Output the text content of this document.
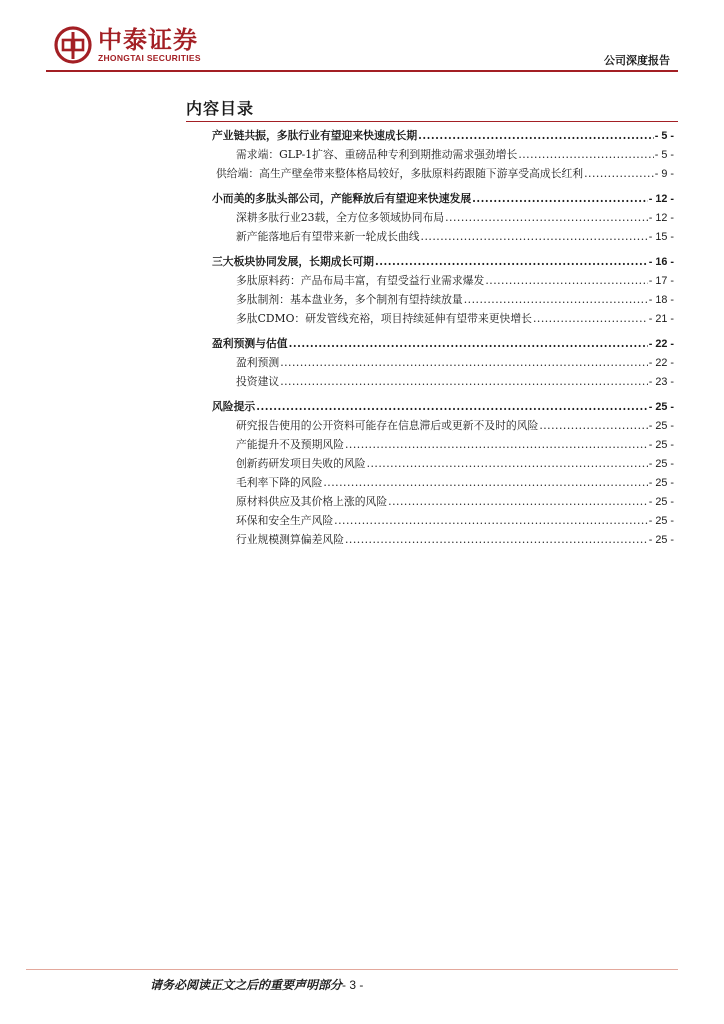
中泰证券
ZHONGTAI SECURITIES	公司深度报告
内容目录
产业链共振，多肽行业有望迎来快速成长期 .....	- 5 -
需求端：GLP-1扩容、重磅品种专利到期推动需求强劲增长 .....	- 5 -
供给端：高生产壁垒带来整体格局较好，多肽原料药跟随下游享受高成长红利 .....	- 9 -
小而美的多肽头部公司，产能释放后有望迎来快速发展 .....	- 12 -
深耕多肽行业23载，全方位多领域协同布局 .....	- 12 -
新产能落地后有望带来新一轮成长曲线 .....	- 15 -
三大板块协同发展，长期成长可期 .....	- 16 -
多肽原料药：产品布局丰富，有望受益行业需求爆发 .....	- 17 -
多肽制剂：基本盘业务，多个制剂有望持续放量 .....	- 18 -
多肽CDMO：研发管线充裕，项目持续延伸有望带来更快增长 .....	- 21 -
盈利预测与估值 .....	- 22 -
盈利预测 .....	- 22 -
投资建议 .....	- 23 -
风险提示 .....	- 25 -
研究报告使用的公开资料可能存在信息滞后或更新不及时的风险 .....	- 25 -
产能提升不及预期风险 .....	- 25 -
创新药研发项目失败的风险 .....	- 25 -
毛利率下降的风险 .....	- 25 -
原材料供应及其价格上涨的风险 .....	- 25 -
环保和安全生产风险 .....	- 25 -
行业规模测算偏差风险 .....	- 25 -
请务必阅读正文之后的重要声明部分- 3 -
